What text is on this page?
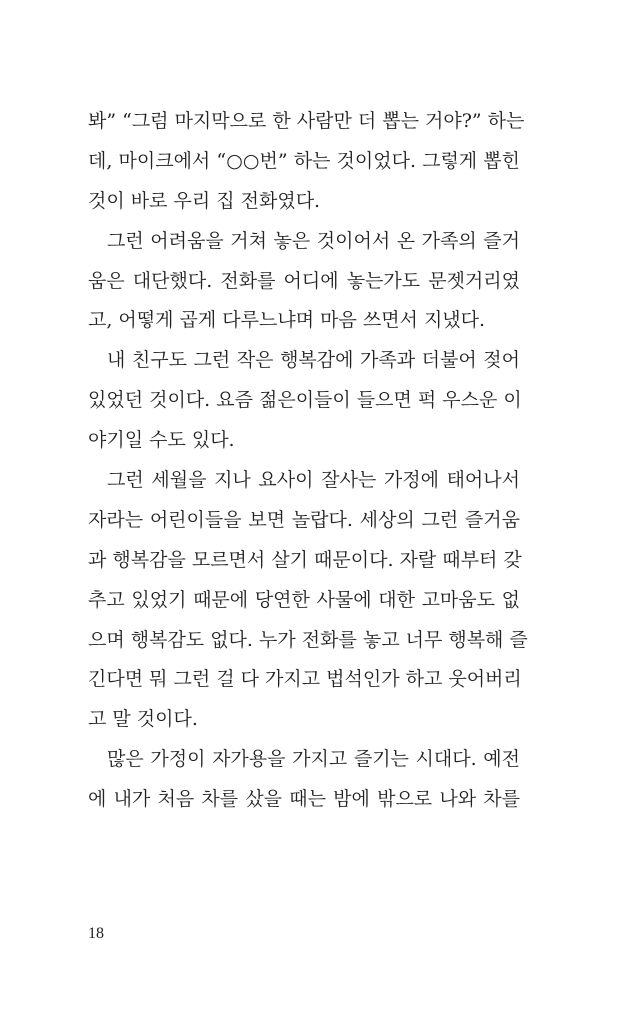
봐” “그럼 마지막으로 한 사람만 더 뽑는 거야?” 하는
데, 마이크에서 “○○번” 하는 것이었다. 그렇게 뽑힌
것이 바로 우리 집 전화였다.
그런 어려움을 거쳐 놓은 것이어서 온 가족의 즐거
움은 대단했다. 전화를 어디에 놓는가도 문젯거리였
고, 어떻게 곱게 다루느냐며 마음 쓰면서 지냈다.
내 친구도 그런 작은 행복감에 가족과 더불어 젖어
있었던 것이다. 요즘 젊은이들이 들으면 퍽 우스운 이
야기일 수도 있다.
그런 세월을 지나 요사이 잘사는 가정에 태어나서
자라는 어린이들을 보면 놀랍다. 세상의 그런 즐거움
과 행복감을 모르면서 살기 때문이다. 자랄 때부터 갖
추고 있었기 때문에 당연한 사물에 대한 고마움도 없
으며 행복감도 없다. 누가 전화를 놓고 너무 행복해 즐
긴다면 뭐 그런 걸 다 가지고 법석인가 하고 웃어버리
고 말 것이다.
많은 가정이 자가용을 가지고 즐기는 시대다. 예전
에 내가 처음 차를 샀을 때는 밤에 밖으로 나와 차를
18
